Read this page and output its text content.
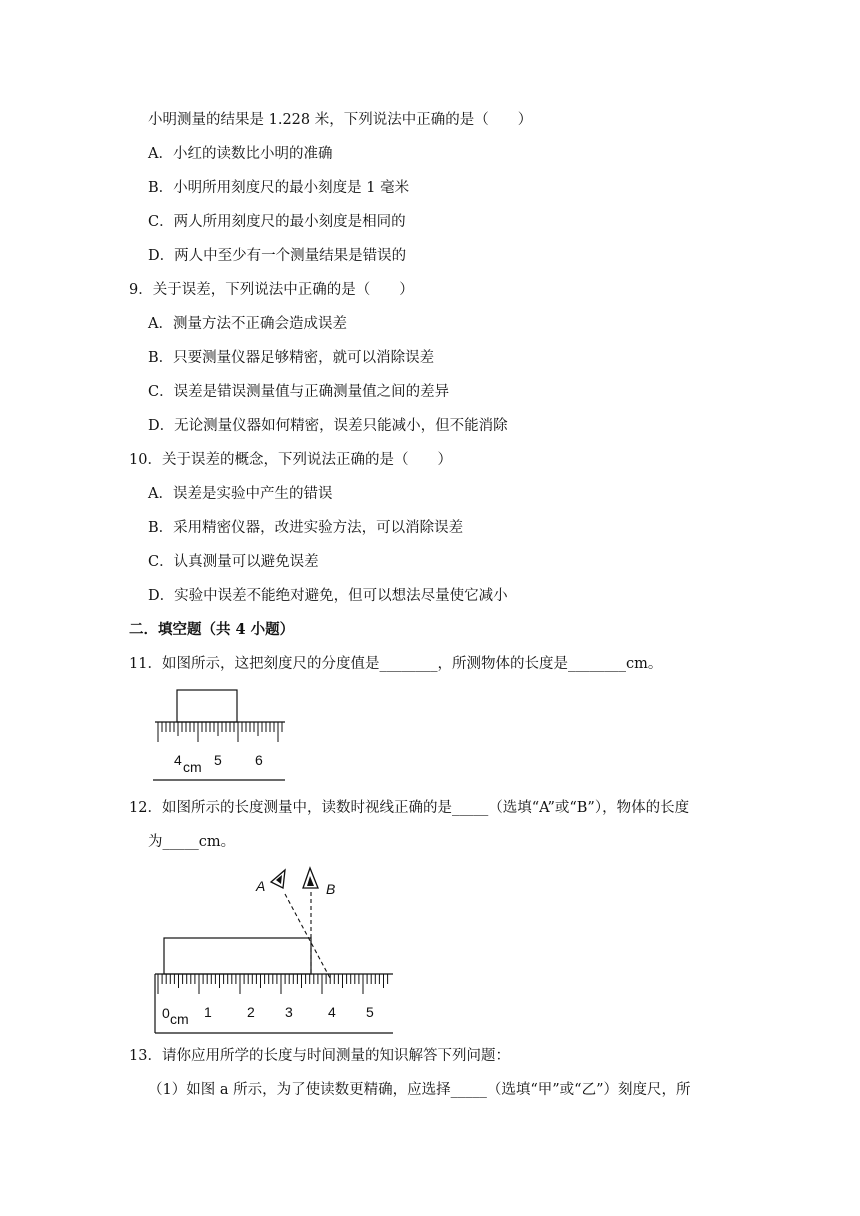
小明测量的结果是 1.228 米，下列说法中正确的是（　　）
A．小红的读数比小明的准确
B．小明所用刻度尺的最小刻度是 1 毫米
C．两人所用刻度尺的最小刻度是相同的
D．两人中至少有一个测量结果是错误的
9．关于误差，下列说法中正确的是（　　）
A．测量方法不正确会造成误差
B．只要测量仪器足够精密，就可以消除误差
C．误差是错误测量值与正确测量值之间的差异
D．无论测量仪器如何精密，误差只能减小，但不能消除
10．关于误差的概念，下列说法正确的是（　　）
A．误差是实验中产生的错误
B．采用精密仪器，改进实验方法，可以消除误差
C．认真测量可以避免误差
D．实验中误差不能绝对避免，但可以想法尽量使它减小
二．填空题（共 4 小题）
11．如图所示，这把刻度尺的分度值是________，所测物体的长度是________cm。
4 cm 5 6
12．如图所示的长度测量中，读数时视线正确的是_____（选填“A”或“B”），物体的长度
为_____cm。
A	B
0 cm 1	2 3	4 5
13．请你应用所学的长度与时间测量的知识解答下列问题：
（1）如图 a 所示，为了使读数更精确，应选择_____（选填“甲”或“乙”）刻度尺，所
